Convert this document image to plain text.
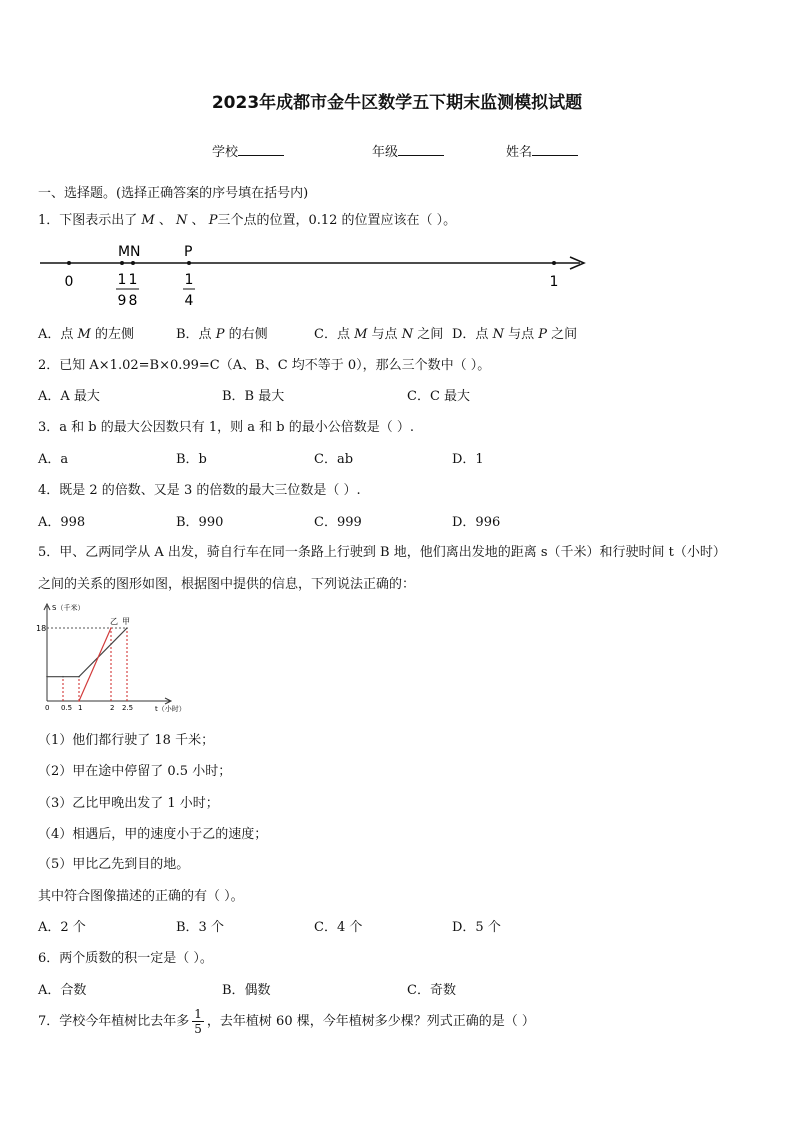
2023年成都市金牛区数学五下期末监测模拟试题
学校	年级	姓名
一、选择题。(选择正确答案的序号填在括号内)
1．下图表示出了 M 、 N 、 P三个点的位置，0.12 的位置应该在（ ）。
M N	P
0	1
1
9
1
8
1
4
A．点 M 的左侧	B．点 P 的右侧	C．点 M 与点 N 之间 D．点 N 与点 P 之间
2．已知 A×1.02=B×0.99=C（A、B、C 均不等于 0），那么三个数中（ ）。
A．A 最大	B．B 最大	C．C 最大
3．a 和 b 的最大公因数只有 1，则 a 和 b 的最小公倍数是（ ）.
A．a	B．b	C．ab	D．1
4．既是 2 的倍数、又是 3 的倍数的最大三位数是（ ）.
A．998	B．990	C．999	D．996
5．甲、乙两同学从 A 出发，骑自行车在同一条路上行驶到 B 地，他们离出发地的距离 s（千米）和行驶时间 t（小时）
之间的关系的图形如图，根据图中提供的信息，下列说法正确的：
S（千米）
t（小时）
18
0 0.5 1	2 2.5
乙 甲
（1）他们都行驶了 18 千米；
（2）甲在途中停留了 0.5 小时；
（3）乙比甲晚出发了 1 小时；
（4）相遇后，甲的速度小于乙的速度；
（5）甲比乙先到目的地。
其中符合图像描述的正确的有（ ）。
A．2 个	B．3 个	C．4 个	D．5 个
6．两个质数的积一定是（ ）。
A．合数	B．偶数	C．奇数
7．学校今年植树比去年多 $\frac{1}{5}$ ，去年植树 60 棵，今年植树多少棵？列式正确的是（ ）
